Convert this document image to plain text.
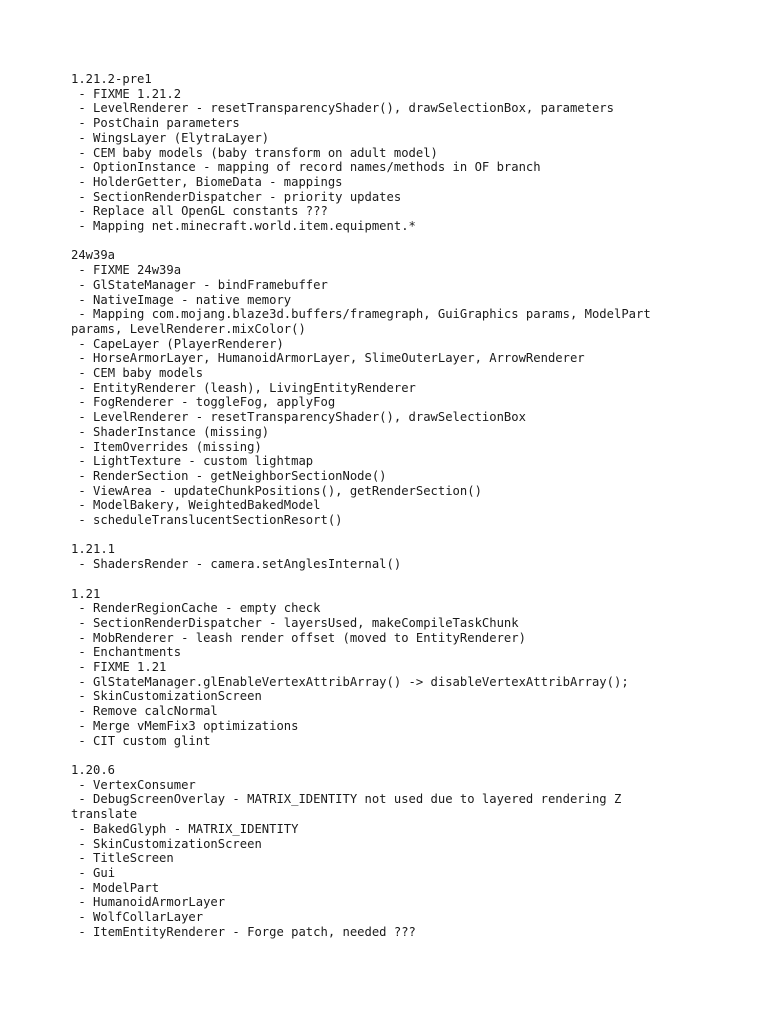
1.21.2-pre1
- FIXME 1.21.2
- LevelRenderer - resetTransparencyShader(), drawSelectionBox, parameters
- PostChain parameters
- WingsLayer (ElytraLayer)
- CEM baby models (baby transform on adult model)
- OptionInstance - mapping of record names/methods in OF branch
- HolderGetter, BiomeData - mappings
- SectionRenderDispatcher - priority updates
- Replace all OpenGL constants ???
- Mapping net.minecraft.world.item.equipment.*
24w39a
- FIXME 24w39a
- GlStateManager - bindFramebuffer
- NativeImage - native memory
- Mapping com.mojang.blaze3d.buffers/framegraph, GuiGraphics params, ModelPart params, LevelRenderer.mixColor()
- CapeLayer (PlayerRenderer)
- HorseArmorLayer, HumanoidArmorLayer, SlimeOuterLayer, ArrowRenderer
- CEM baby models
- EntityRenderer (leash), LivingEntityRenderer
- FogRenderer - toggleFog, applyFog
- LevelRenderer - resetTransparencyShader(), drawSelectionBox
- ShaderInstance (missing)
- ItemOverrides (missing)
- LightTexture - custom lightmap
- RenderSection - getNeighborSectionNode()
- ViewArea - updateChunkPositions(), getRenderSection()
- ModelBakery, WeightedBakedModel
- scheduleTranslucentSectionResort()
1.21.1
- ShadersRender - camera.setAnglesInternal()
1.21
- RenderRegionCache - empty check
- SectionRenderDispatcher - layersUsed, makeCompileTaskChunk
- MobRenderer - leash render offset (moved to EntityRenderer)
- Enchantments
- FIXME 1.21
- GlStateManager.glEnableVertexAttribArray() -> disableVertexAttribArray();
- SkinCustomizationScreen
- Remove calcNormal
- Merge vMemFix3 optimizations
- CIT custom glint
1.20.6
- VertexConsumer
- DebugScreenOverlay - MATRIX_IDENTITY not used due to layered rendering Z translate
- BakedGlyph - MATRIX_IDENTITY
- SkinCustomizationScreen
- TitleScreen
- Gui
- ModelPart
- HumanoidArmorLayer
- WolfCollarLayer
- ItemEntityRenderer - Forge patch, needed ???
